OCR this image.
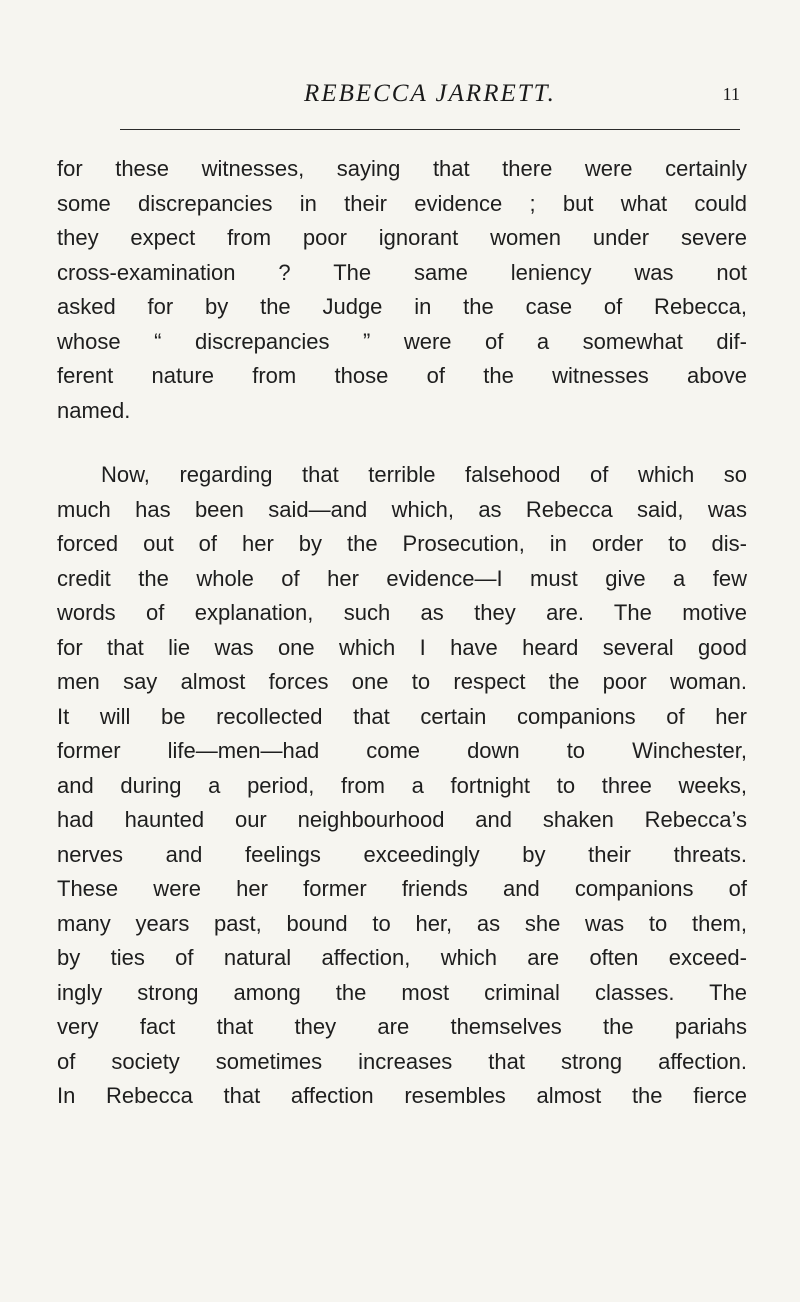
REBECCA JARRETT.	11
for these witnesses, saying that there were certainly
some discrepancies in their evidence ; but what could
they expect from poor ignorant women under severe
cross-examination ? The same leniency was not
asked for by the Judge in the case of Rebecca,
whose “ discrepancies ” were of a somewhat dif-
ferent nature from those of the witnesses above
named.
Now, regarding that terrible falsehood of which so
much has been said—and which, as Rebecca said, was
forced out of her by the Prosecution, in order to dis-
credit the whole of her evidence—I must give a few
words of explanation, such as they are. The motive
for that lie was one which I have heard several good
men say almost forces one to respect the poor woman.
It will be recollected that certain companions of her
former life—men—had come down to Winchester,
and during a period, from a fortnight to three weeks,
had haunted our neighbourhood and shaken Rebecca’s
nerves and feelings exceedingly by their threats.
These were her former friends and companions of
many years past, bound to her, as she was to them,
by ties of natural affection, which are often exceed-
ingly strong among the most criminal classes. The
very fact that they are themselves the pariahs
of society sometimes increases that strong affection.
In Rebecca that affection resembles almost the fierce
